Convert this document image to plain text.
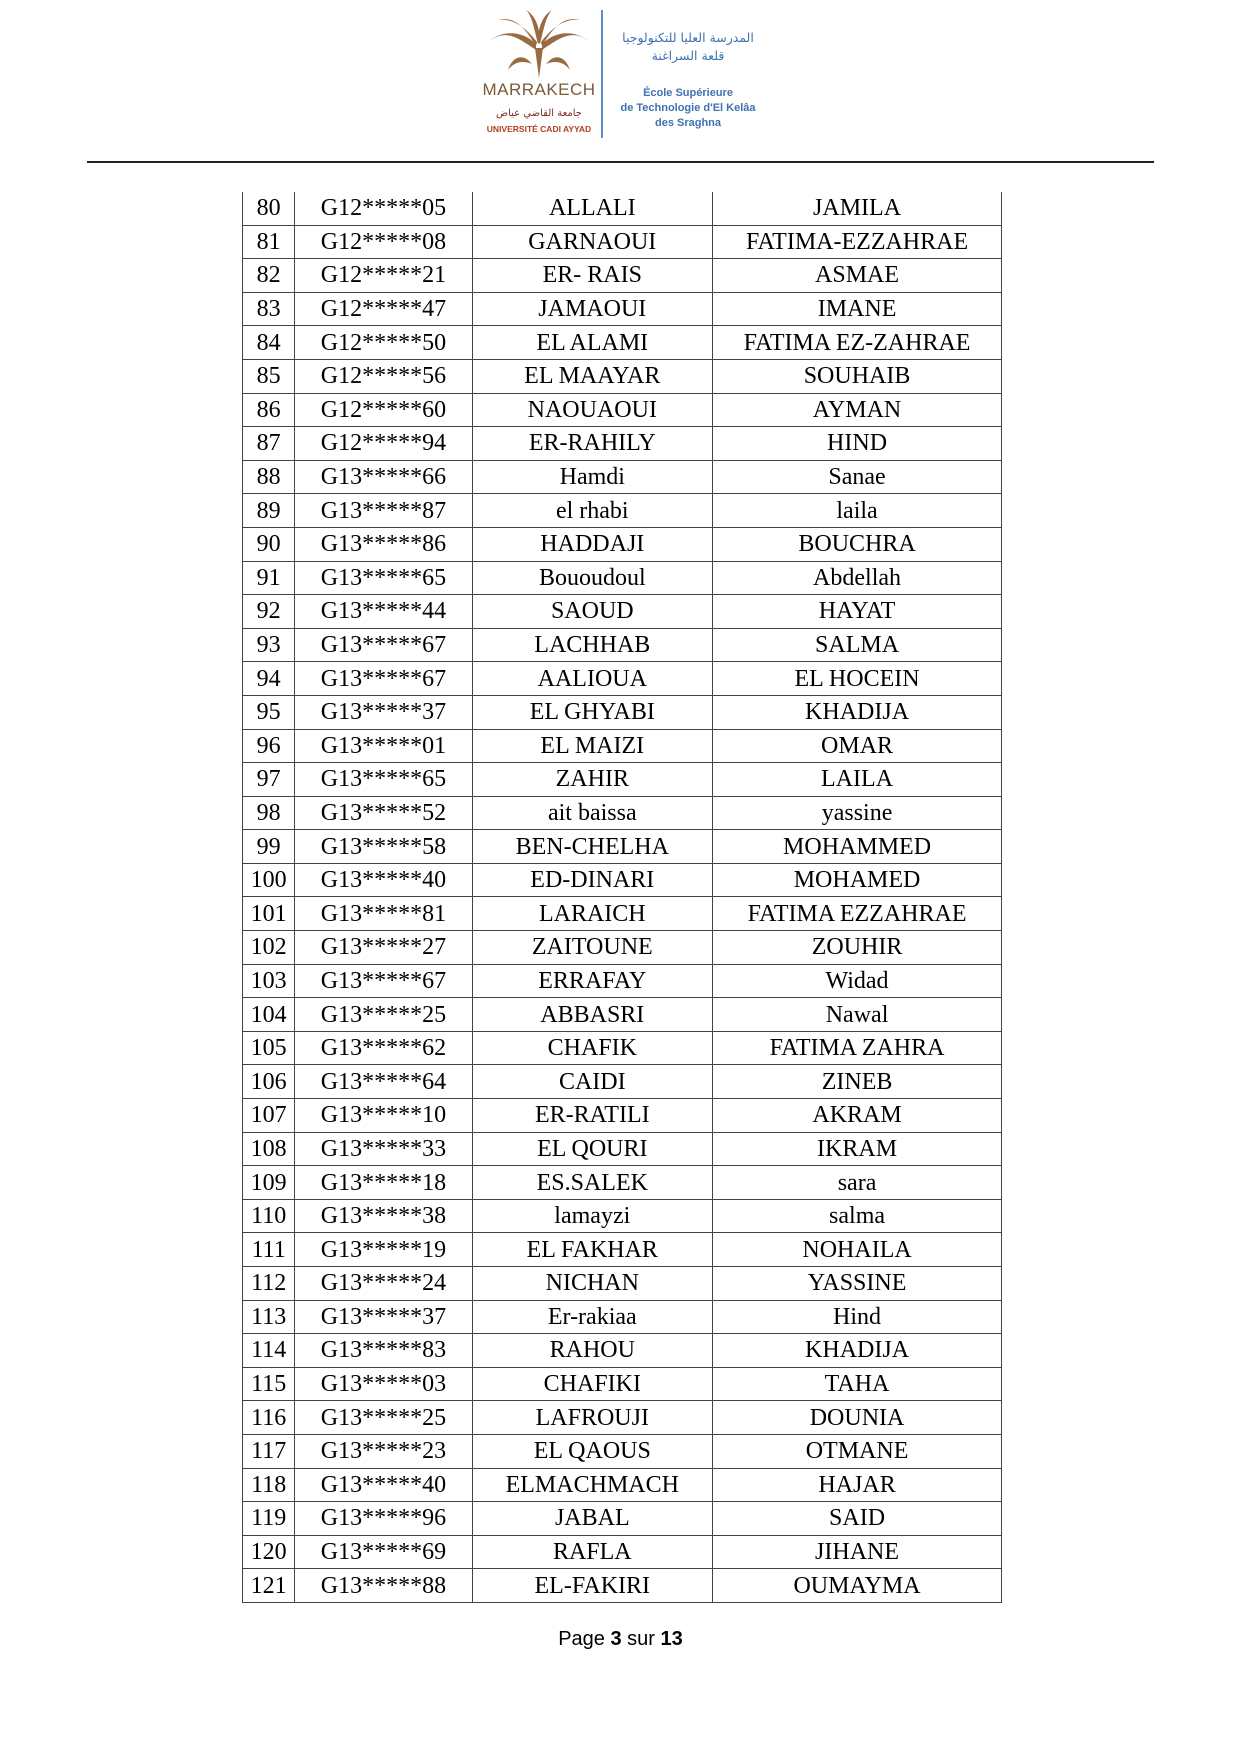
MARRAKECH
جامعة القاضي عياض
UNIVERSITÉ CADI AYYAD
المدرسة العليا للتكنولوجيا
قلعة السراغنة
École Supérieure
de Technologie d'El Kelâa
des Sraghna
80	G12*****05	ALLALI	JAMILA
81	G12*****08	GARNAOUI	FATIMA-EZZAHRAE
82	G12*****21	ER- RAIS	ASMAE
83	G12*****47	JAMAOUI	IMANE
84	G12*****50	EL ALAMI	FATIMA EZ-ZAHRAE
85	G12*****56	EL MAAYAR	SOUHAIB
86	G12*****60	NAOUAOUI	AYMAN
87	G12*****94	ER-RAHILY	HIND
88	G13*****66	Hamdi	Sanae
89	G13*****87	el rhabi	laila
90	G13*****86	HADDAJI	BOUCHRA
91	G13*****65	Bououdoul	Abdellah
92	G13*****44	SAOUD	HAYAT
93	G13*****67	LACHHAB	SALMA
94	G13*****67	AALIOUA	EL HOCEIN
95	G13*****37	EL GHYABI	KHADIJA
96	G13*****01	EL MAIZI	OMAR
97	G13*****65	ZAHIR	LAILA
98	G13*****52	ait baissa	yassine
99	G13*****58	BEN-CHELHA	MOHAMMED
100	G13*****40	ED-DINARI	MOHAMED
101	G13*****81	LARAICH	FATIMA EZZAHRAE
102	G13*****27	ZAITOUNE	ZOUHIR
103	G13*****67	ERRAFAY	Widad
104	G13*****25	ABBASRI	Nawal
105	G13*****62	CHAFIK	FATIMA ZAHRA
106	G13*****64	CAIDI	ZINEB
107	G13*****10	ER-RATILI	AKRAM
108	G13*****33	EL QOURI	IKRAM
109	G13*****18	ES.SALEK	sara
110	G13*****38	lamayzi	salma
111	G13*****19	EL FAKHAR	NOHAILA
112	G13*****24	NICHAN	YASSINE
113	G13*****37	Er-rakiaa	Hind
114	G13*****83	RAHOU	KHADIJA
115	G13*****03	CHAFIKI	TAHA
116	G13*****25	LAFROUJI	DOUNIA
117	G13*****23	EL QAOUS	OTMANE
118	G13*****40	ELMACHMACH	HAJAR
119	G13*****96	JABAL	SAID
120	G13*****69	RAFLA	JIHANE
121	G13*****88	EL-FAKIRI	OUMAYMA
Page 3 sur 13
